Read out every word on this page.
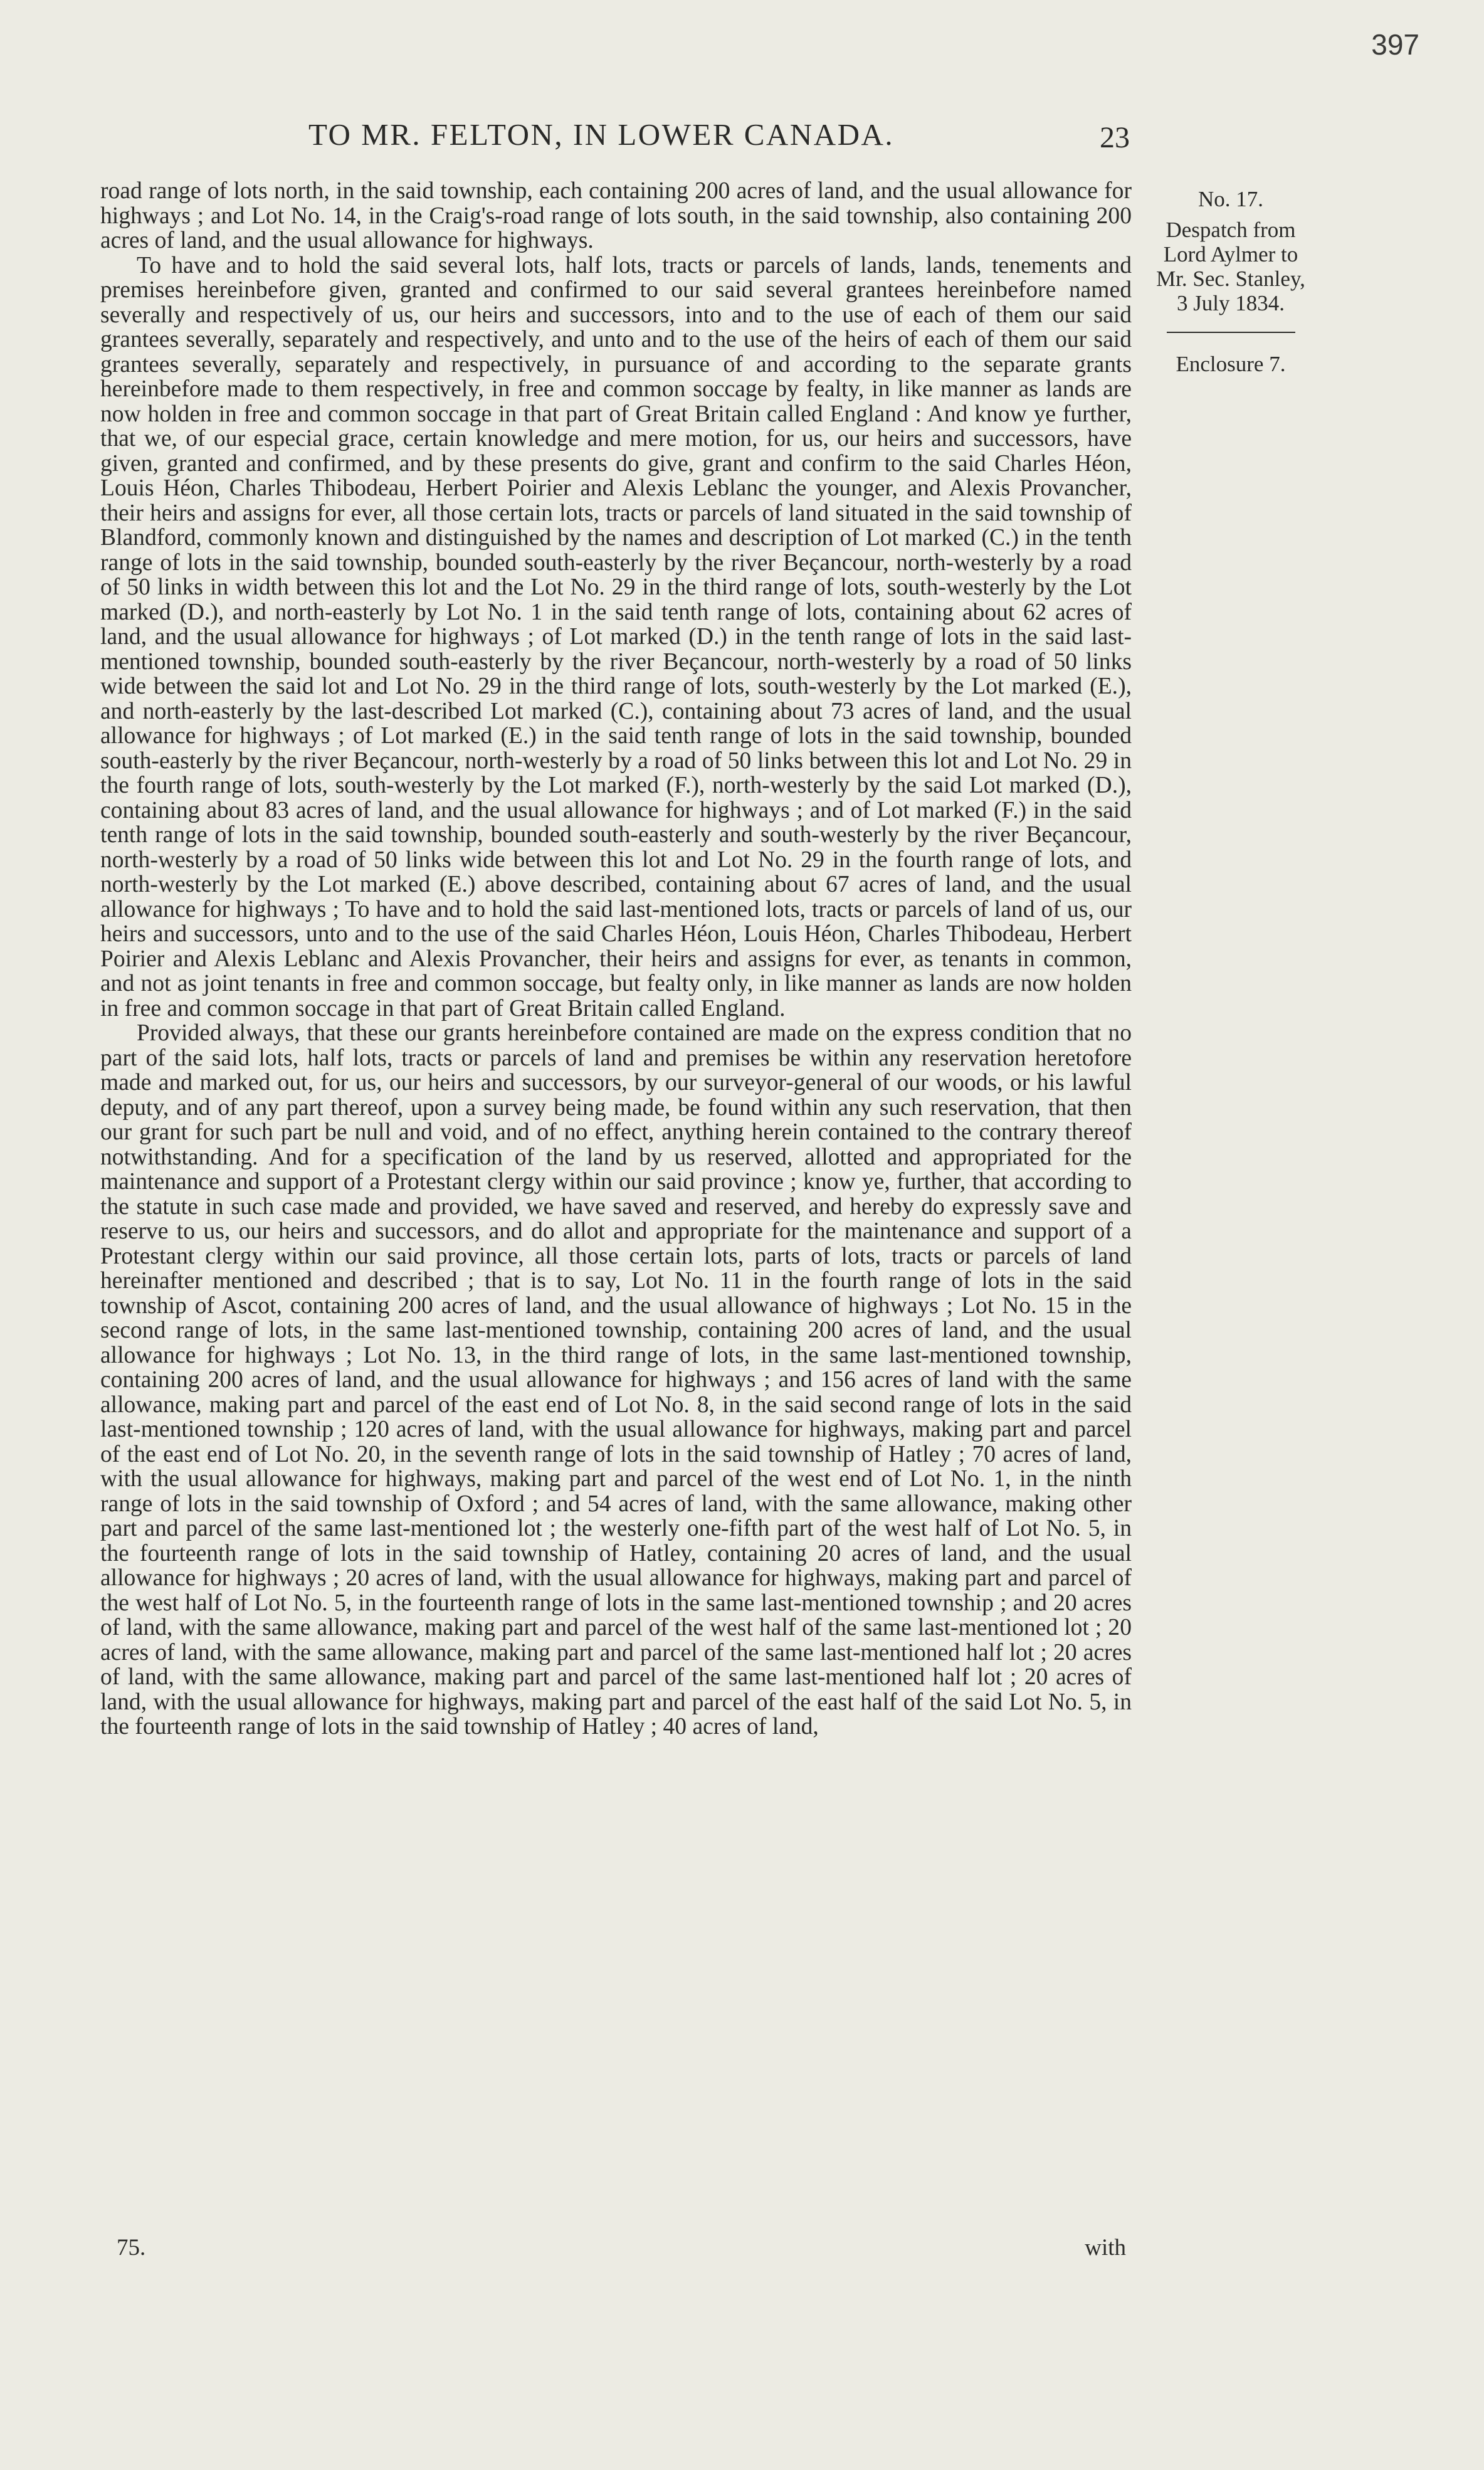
397
TO MR. FELTON, IN LOWER CANADA.	23

road range of lots north, in the said township, each containing 200 acres of land, and the usual allowance for highways ; and Lot No. 14, in the Craig's-road range of lots south, in the said township, also containing 200 acres of land, and the usual allowance for highways.

To have and to hold the said several lots, half lots, tracts or parcels of lands, lands, tenements and premises hereinbefore given, granted and confirmed to our said several grantees hereinbefore named severally and respectively of us, our heirs and successors, into and to the use of each of them our said grantees severally, separately and respectively, and unto and to the use of the heirs of each of them our said grantees severally, separately and respectively, in pursuance of and according to the separate grants hereinbefore made to them respectively, in free and common soccage by fealty, in like manner as lands are now holden in free and common soccage in that part of Great Britain called England : And know ye further, that we, of our especial grace, certain knowledge and mere motion, for us, our heirs and successors, have given, granted and confirmed, and by these presents do give, grant and confirm to the said Charles Héon, Louis Héon, Charles Thibodeau, Herbert Poirier and Alexis Leblanc the younger, and Alexis Provancher, their heirs and assigns for ever, all those certain lots, tracts or parcels of land situated in the said township of Blandford, commonly known and distinguished by the names and description of Lot marked (C.) in the tenth range of lots in the said township, bounded south-easterly by the river Beçancour, north-westerly by a road of 50 links in width between this lot and the Lot No. 29 in the third range of lots, south-westerly by the Lot marked (D.), and north-easterly by Lot No. 1 in the said tenth range of lots, containing about 62 acres of land, and the usual allowance for highways ; of Lot marked (D.) in the tenth range of lots in the said last-mentioned township, bounded south-easterly by the river Beçancour, north-westerly by a road of 50 links wide between the said lot and Lot No. 29 in the third range of lots, south-westerly by the Lot marked (E.), and north-easterly by the last-described Lot marked (C.), containing about 73 acres of land, and the usual allowance for highways ; of Lot marked (E.) in the said tenth range of lots in the said township, bounded south-easterly by the river Beçancour, north-westerly by a road of 50 links between this lot and Lot No. 29 in the fourth range of lots, south-westerly by the Lot marked (F.), north-westerly by the said Lot marked (D.), containing about 83 acres of land, and the usual allowance for highways ; and of Lot marked (F.) in the said tenth range of lots in the said township, bounded south-easterly and south-westerly by the river Beçancour, north-westerly by a road of 50 links wide between this lot and Lot No. 29 in the fourth range of lots, and north-westerly by the Lot marked (E.) above described, containing about 67 acres of land, and the usual allowance for highways ; To have and to hold the said last-mentioned lots, tracts or parcels of land of us, our heirs and successors, unto and to the use of the said Charles Héon, Louis Héon, Charles Thibodeau, Herbert Poirier and Alexis Leblanc and Alexis Provancher, their heirs and assigns for ever, as tenants in common, and not as joint tenants in free and common soccage, but fealty only, in like manner as lands are now holden in free and common soccage in that part of Great Britain called England.

Provided always, that these our grants hereinbefore contained are made on the express condition that no part of the said lots, half lots, tracts or parcels of land and premises be within any reservation heretofore made and marked out, for us, our heirs and successors, by our surveyor-general of our woods, or his lawful deputy, and of any part thereof, upon a survey being made, be found within any such reservation, that then our grant for such part be null and void, and of no effect, anything herein contained to the contrary thereof notwithstanding. And for a specification of the land by us reserved, allotted and appropriated for the maintenance and support of a Protestant clergy within our said province ; know ye, further, that according to the statute in such case made and provided, we have saved and reserved, and hereby do expressly save and reserve to us, our heirs and successors, and do allot and appropriate for the maintenance and support of a Protestant clergy within our said province, all those certain lots, parts of lots, tracts or parcels of land hereinafter mentioned and described ; that is to say, Lot No. 11 in the fourth range of lots in the said township of Ascot, containing 200 acres of land, and the usual allowance of highways ; Lot No. 15 in the second range of lots, in the same last-mentioned township, containing 200 acres of land, and the usual allowance for highways ; Lot No. 13, in the third range of lots, in the same last-mentioned township, containing 200 acres of land, and the usual allowance for highways ; and 156 acres of land with the same allowance, making part and parcel of the east end of Lot No. 8, in the said second range of lots in the said last-mentioned township ; 120 acres of land, with the usual allowance for highways, making part and parcel of the east end of Lot No. 20, in the seventh range of lots in the said township of Hatley ; 70 acres of land, with the usual allowance for highways, making part and parcel of the west end of Lot No. 1, in the ninth range of lots in the said township of Oxford ; and 54 acres of land, with the same allowance, making other part and parcel of the same last-mentioned lot ; the westerly one-fifth part of the west half of Lot No. 5, in the fourteenth range of lots in the said township of Hatley, containing 20 acres of land, and the usual allowance for highways ; 20 acres of land, with the usual allowance for highways, making part and parcel of the west half of Lot No. 5, in the fourteenth range of lots in the same last-mentioned township ; and 20 acres of land, with the same allowance, making part and parcel of the west half of the same last-mentioned lot ; 20 acres of land, with the same allowance, making part and parcel of the same last-mentioned half lot ; 20 acres of land, with the same allowance, making part and parcel of the same last-mentioned half lot ; 20 acres of land, with the usual allowance for highways, making part and parcel of the east half of the said Lot No. 5, in the fourteenth range of lots in the said township of Hatley ; 40 acres of land,

75.	with
No. 17.
Despatch from
Lord Aylmer to
Mr. Sec. Stanley,
3 July 1834.
Enclosure 7.
